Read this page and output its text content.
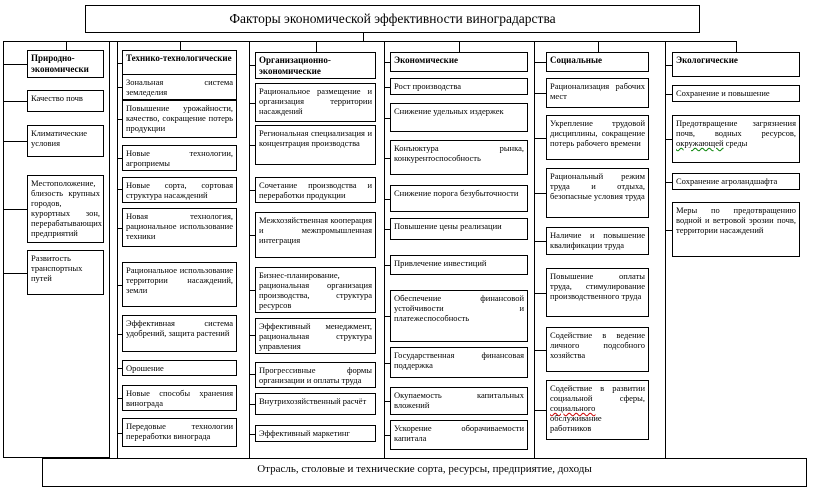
Факторы экономической эффективности виноградарства
Природно-экономически
Качество почв
Климатические условия
Местоположение, близость крупных городов, курортных зон, перерабатывающих предприятий
Развитость транспортных путей
Технико-технологические
Зональная система земледелия
Повышение урожайности, качество, сокращение потерь продукции
Новые технологии, агроприемы
Новые сорта, сортовая структура насаждений
Новая технология, рациональное использование техники
Рациональное использование территории насаждений, земли
Эффективная система удобрений, защита растений
Орошение
Новые способы хранения винограда
Передовые технологии переработки винограда
Организационно-экономические
Рациональное размещение и организация территории насаждений
Региональная специализация и концентрация производства
Сочетание производства и переработки продукции
Межхозяйственная кооперация и межпромышленная интеграция
Бизнес-планирование, рациональная организация производства, структура ресурсов
Эффективный менеджмент, рациональная структура управления
Прогрессивные формы организации и оплаты труда
Внутрихозяйственный расчёт
Эффективный маркетинг
Экономические
Рост производства
Снижение удельных издержек
Конъюктура рынка, конкурентоспособность
Снижение порога безубыточности
Повышение цены реализации
Привлечение инвестиций
Обеспечение финансовой устойчивости и платежеспособность
Государственная финансовая поддержка
Окупаемость капитальных вложений
Ускорение оборачиваемости капитала
Социальные
Рационализация рабочих мест
Укрепление трудовой дисциплины, сокращение потерь рабочего времени
Рациональный режим труда и отдыха, безопасные условия труда
Наличие и повышение квалификации труда
Повышение оплаты труда, стимулирование производственного труда
Содействие в ведение личного подсобного хозяйства
Содействие в развитии социальной сферы, социального обслуживание работников
Экологические
Сохранение и повышение
Предотвращение загрязнения почв, водных ресурсов, окружающей среды
Сохранение агроландшафта
Меры по предотвращению водной и ветровой эрозии почв, территории насаждений
Отрасль, столовые и технические сорта, ресурсы, предприятие, доходы
